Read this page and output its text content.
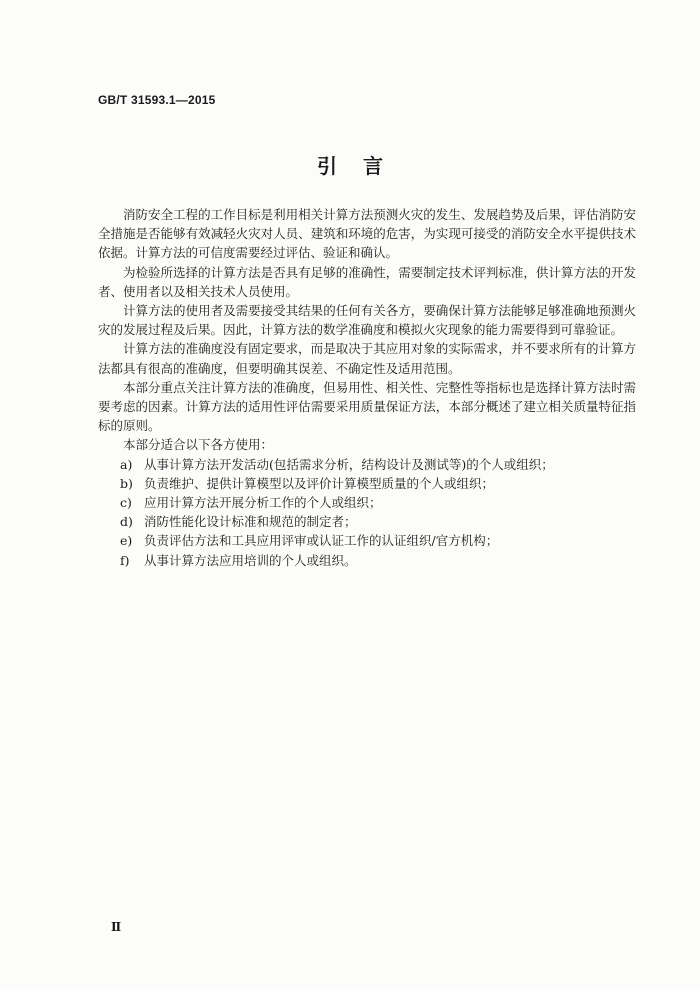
GB/T 31593.1—2015
引言

消防安全工程的工作目标是利用相关计算方法预测火灾的发生、发展趋势及后果，评估消防安全措施是否能够有效减轻火灾对人员、建筑和环境的危害，为实现可接受的消防安全水平提供技术依据。计算方法的可信度需要经过评估、验证和确认。

为检验所选择的计算方法是否具有足够的准确性，需要制定技术评判标准，供计算方法的开发者、使用者以及相关技术人员使用。

计算方法的使用者及需要接受其结果的任何有关各方，要确保计算方法能够足够准确地预测火灾的发展过程及后果。因此，计算方法的数学准确度和模拟火灾现象的能力需要得到可靠验证。

计算方法的准确度没有固定要求，而是取决于其应用对象的实际需求，并不要求所有的计算方法都具有很高的准确度，但要明确其误差、不确定性及适用范围。

本部分重点关注计算方法的准确度，但易用性、相关性、完整性等指标也是选择计算方法时需要考虑的因素。计算方法的适用性评估需要采用质量保证方法，本部分概述了建立相关质量特征指标的原则。

本部分适合以下各方使用：

a) 从事计算方法开发活动(包括需求分析，结构设计及测试等)的个人或组织；
b) 负责维护、提供计算模型以及评价计算模型质量的个人或组织；
c) 应用计算方法开展分析工作的个人或组织；
d) 消防性能化设计标准和规范的制定者；
e) 负责评估方法和工具应用评审或认证工作的认证组织/官方机构；
f)	从事计算方法应用培训的个人或组织。
Ⅱ
